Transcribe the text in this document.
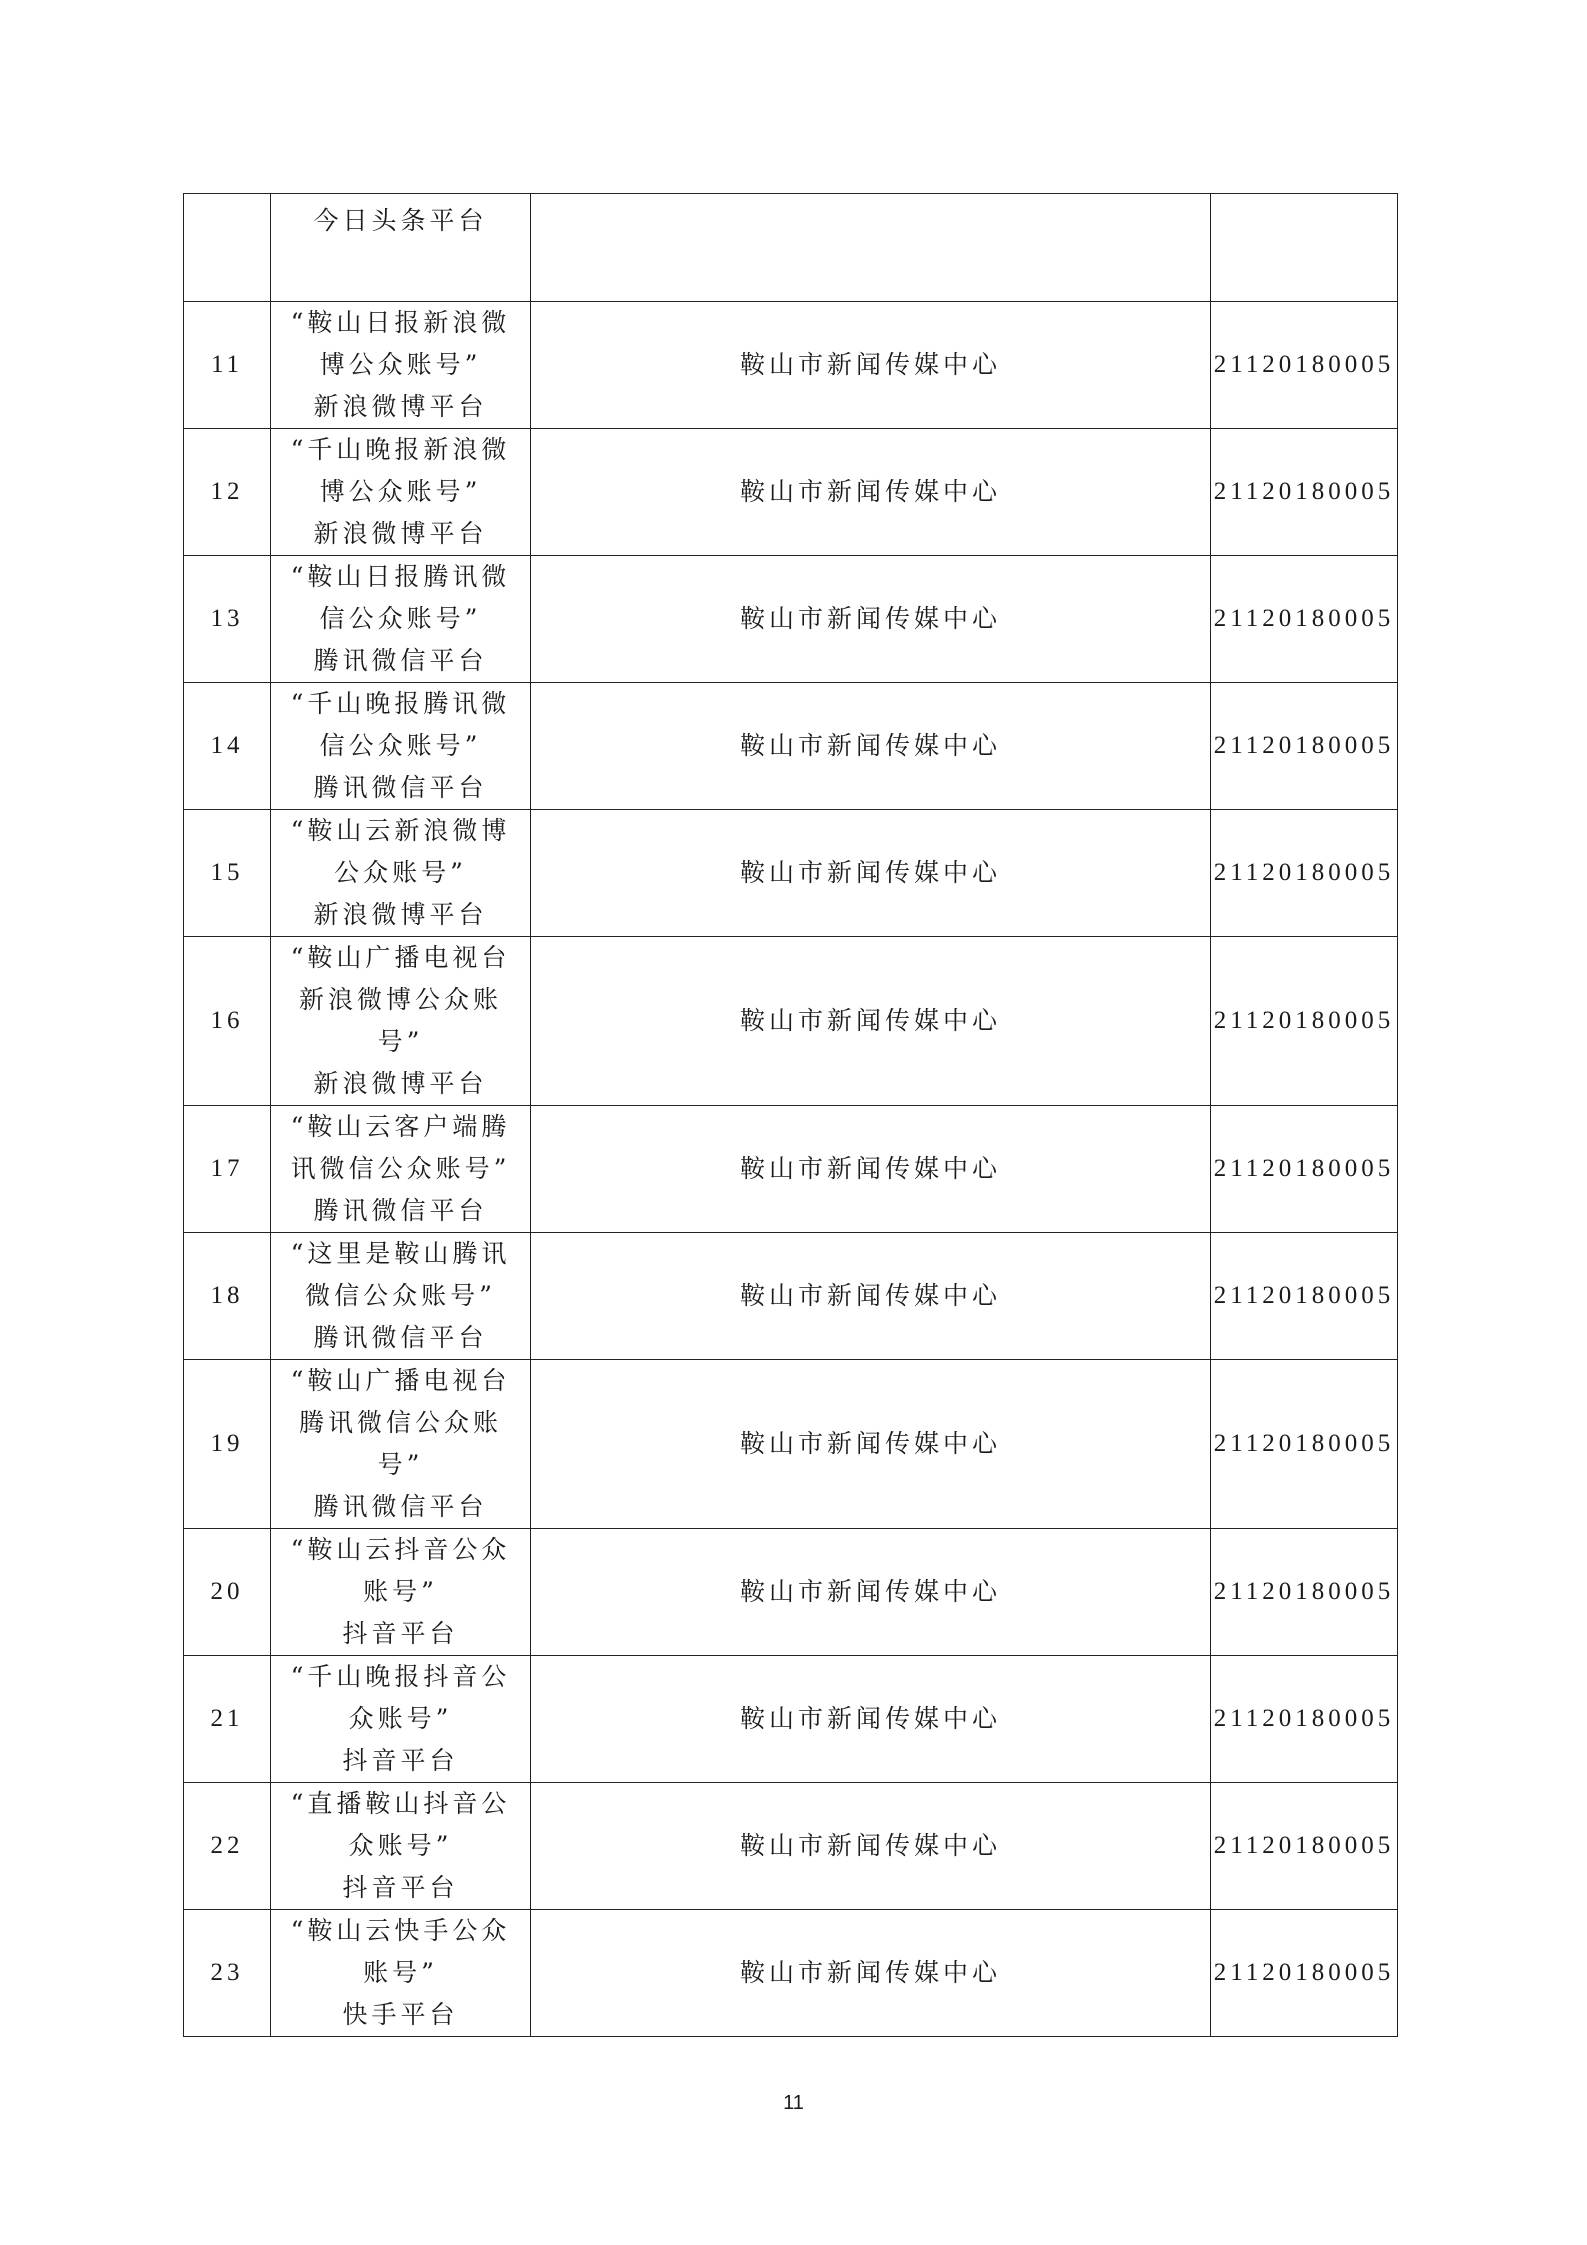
	今日头条平台		

11	“鞍山日报新浪微
博公众账号”
新浪微博平台	鞍山市新闻传媒中心	21120180005
12	“千山晚报新浪微
博公众账号”
新浪微博平台	鞍山市新闻传媒中心	21120180005
13	“鞍山日报腾讯微
信公众账号”
腾讯微信平台	鞍山市新闻传媒中心	21120180005
14	“千山晚报腾讯微
信公众账号”
腾讯微信平台	鞍山市新闻传媒中心	21120180005
15	“鞍山云新浪微博
公众账号”
新浪微博平台	鞍山市新闻传媒中心	21120180005
16	“鞍山广播电视台
新浪微博公众账
号”
新浪微博平台	鞍山市新闻传媒中心	21120180005
17	“鞍山云客户端腾
讯微信公众账号”
腾讯微信平台	鞍山市新闻传媒中心	21120180005
18	“这里是鞍山腾讯
微信公众账号”
腾讯微信平台	鞍山市新闻传媒中心	21120180005
19	“鞍山广播电视台
腾讯微信公众账
号”
腾讯微信平台	鞍山市新闻传媒中心	21120180005
20	“鞍山云抖音公众
账号”
抖音平台	鞍山市新闻传媒中心	21120180005
21	“千山晚报抖音公
众账号”
抖音平台	鞍山市新闻传媒中心	21120180005
22	“直播鞍山抖音公
众账号”
抖音平台	鞍山市新闻传媒中心	21120180005
23	“鞍山云快手公众
账号”
快手平台	鞍山市新闻传媒中心	21120180005
11
